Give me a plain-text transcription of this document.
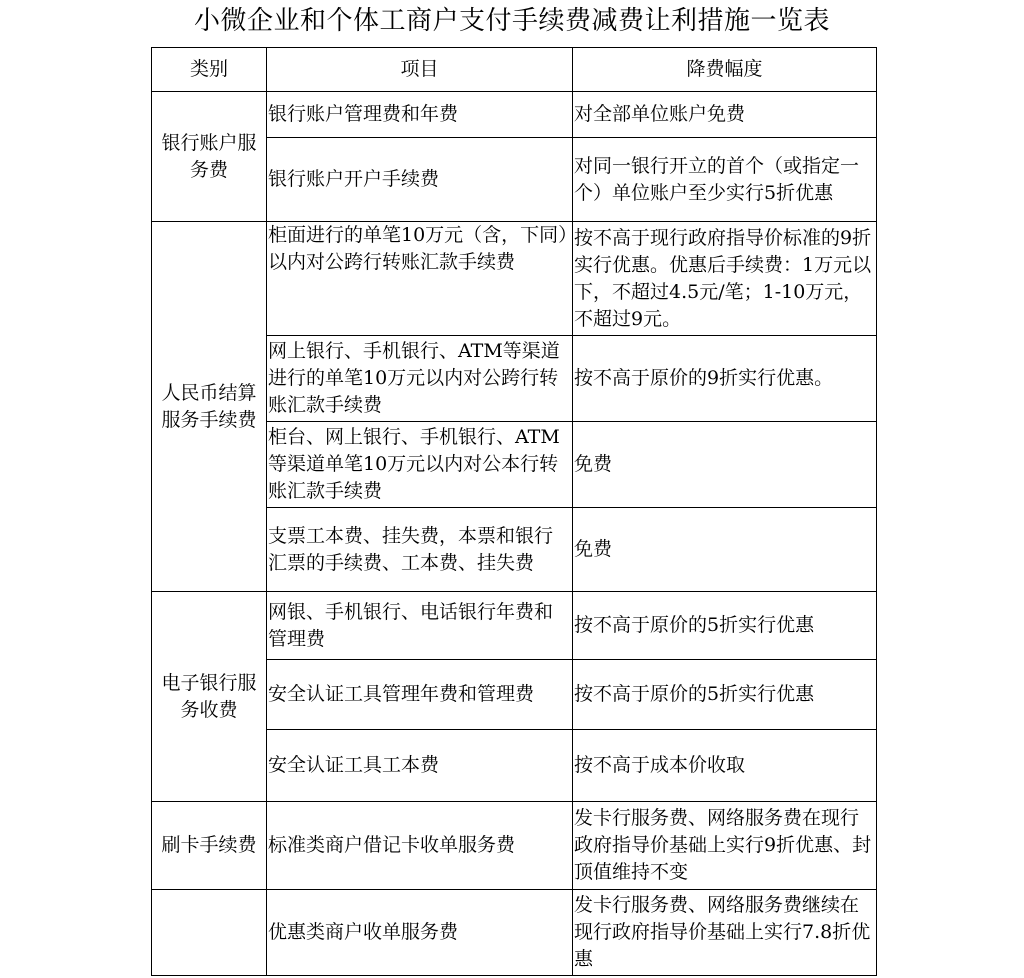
小微企业和个体工商户支付手续费减费让利措施一览表
类别	项目	降费幅度
银行账户服务费	银行账户管理费和年费	对全部单位账户免费
	银行账户开户手续费	对同一银行开立的首个（或指定一个）单位账户至少实行5折优惠
人民币结算服务手续费	柜面进行的单笔10万元（含，下同）以内对公跨行转账汇款手续费	按不高于现行政府指导价标准的9折实行优惠。优惠后手续费：1万元以下，不超过4.5元/笔；1-10万元，不超过9元。
	网上银行、手机银行、ATM等渠道进行的单笔10万元以内对公跨行转账汇款手续费	按不高于原价的9折实行优惠。
	柜台、网上银行、手机银行、ATM等渠道单笔10万元以内对公本行转账汇款手续费	免费
	支票工本费、挂失费，本票和银行汇票的手续费、工本费、挂失费	免费
电子银行服务收费	网银、手机银行、电话银行年费和管理费	按不高于原价的5折实行优惠
	安全认证工具管理年费和管理费	按不高于原价的5折实行优惠
	安全认证工具工本费	按不高于成本价收取
刷卡手续费	标准类商户借记卡收单服务费	发卡行服务费、网络服务费在现行政府指导价基础上实行9折优惠、封顶值维持不变
	优惠类商户收单服务费	发卡行服务费、网络服务费继续在现行政府指导价基础上实行7.8折优惠
